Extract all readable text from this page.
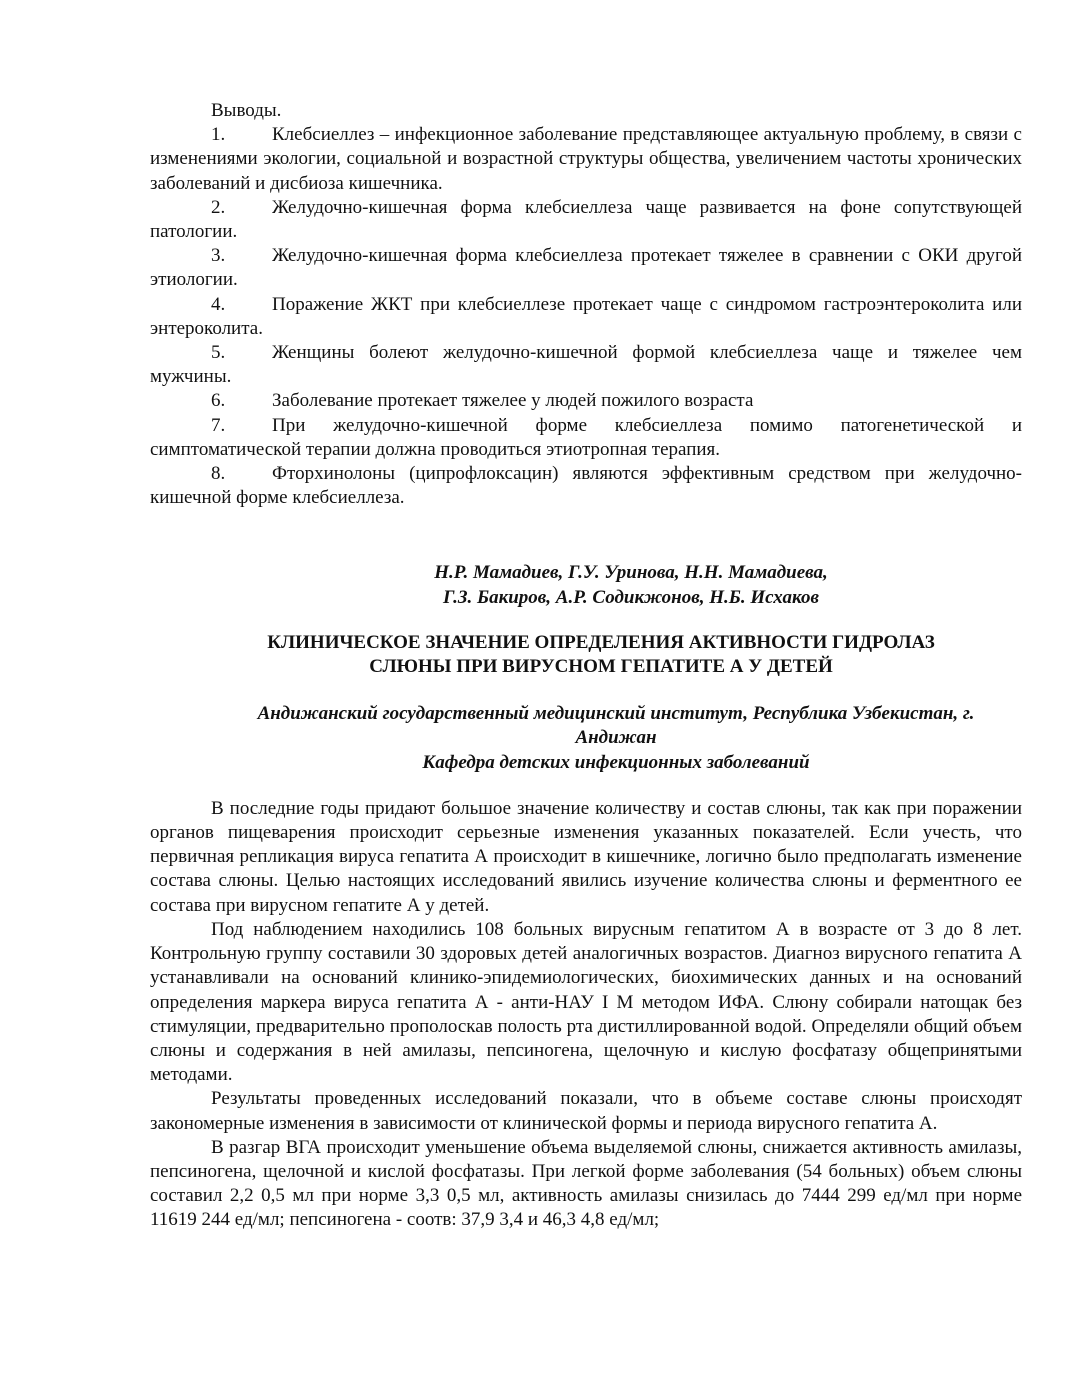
Выводы.

1. Клебсиеллез – инфекционное заболевание представляющее актуальную проблему, в связи с изменениями экологии, социальной и возрастной структуры общества, увеличением частоты хронических заболеваний и дисбиоза кишечника.

2. Желудочно-кишечная форма клебсиеллеза чаще развивается на фоне сопутствующей патологии.

3. Желудочно-кишечная форма клебсиеллеза протекает тяжелее в сравнении с ОКИ другой этиологии.

4. Поражение ЖКТ при клебсиеллезе протекает чаще с синдромом гастроэнтероколита или энтероколита.

5. Женщины болеют желудочно-кишечной формой клебсиеллеза чаще и тяжелее чем мужчины.

6. Заболевание протекает тяжелее у людей пожилого возраста

7. При желудочно-кишечной форме клебсиеллеза помимо патогенетической и симптоматической терапии должна проводиться этиотропная терапия.

8. Фторхинолоны (ципрофлоксацин) являются эффективным средством при желудочно-кишечной форме клебсиеллеза.

Н.Р. Мамадиев, Г.У. Уринова, Н.Н. Мамадиева,

Г.З. Бакиров, А.Р. Содикжонов, Н.Б. Исхаков

КЛИНИЧЕСКОЕ ЗНАЧЕНИЕ ОПРЕДЕЛЕНИЯ АКТИВНОСТИ ГИДРОЛАЗ

СЛЮНЫ ПРИ ВИРУСНОМ ГЕПАТИТЕ А У ДЕТЕЙ

Андижанский государственный медицинский институт, Республика Узбекистан, г.

Андижан

Кафедра детских инфекционных заболеваний

В последние годы придают большое значение количеству и состав слюны, так как при поражении органов пищеварения происходит серьезные изменения указанных показателей. Если учесть, что первичная репликация вируса гепатита А происходит в кишечнике, логично было предполагать изменение состава слюны. Целью настоящих исследований явились изучение количества слюны и ферментного ее состава при вирусном гепатите А у детей.

Под наблюдением находились 108 больных вирусным гепатитом А в возрасте от 3 до 8 лет. Контрольную группу составили 30 здоровых детей аналогичных возрастов. Диагноз вирусного гепатита А устанавливали на оснований клинико-эпидемиологических, биохимических данных и на оснований определения маркера вируса гепатита А - анти-НАУ I M методом ИФА. Слюну собирали натощак без стимуляции, предварительно прополоскав полость рта дистиллированной водой. Определяли общий объем слюны и содержания в ней амилазы, пепсиногена, щелочную и кислую фосфатазу общепринятыми методами.

Результаты проведенных исследований показали, что в объеме составе слюны происходят закономерные изменения в зависимости от клинической формы и периода вирусного гепатита А.

В разгар ВГА происходит уменьшение объема выделяемой слюны, снижается активность амилазы, пепсиногена, щелочной и кислой фосфатазы. При легкой форме заболевания (54 больных) объем слюны составил 2,2 0,5 мл при норме 3,3 0,5 мл, активность амилазы снизилась до 7444 299 ед/мл при норме 11619 244 ед/мл; пепсиногена - соотв: 37,9 3,4 и 46,3 4,8 ед/мл;
